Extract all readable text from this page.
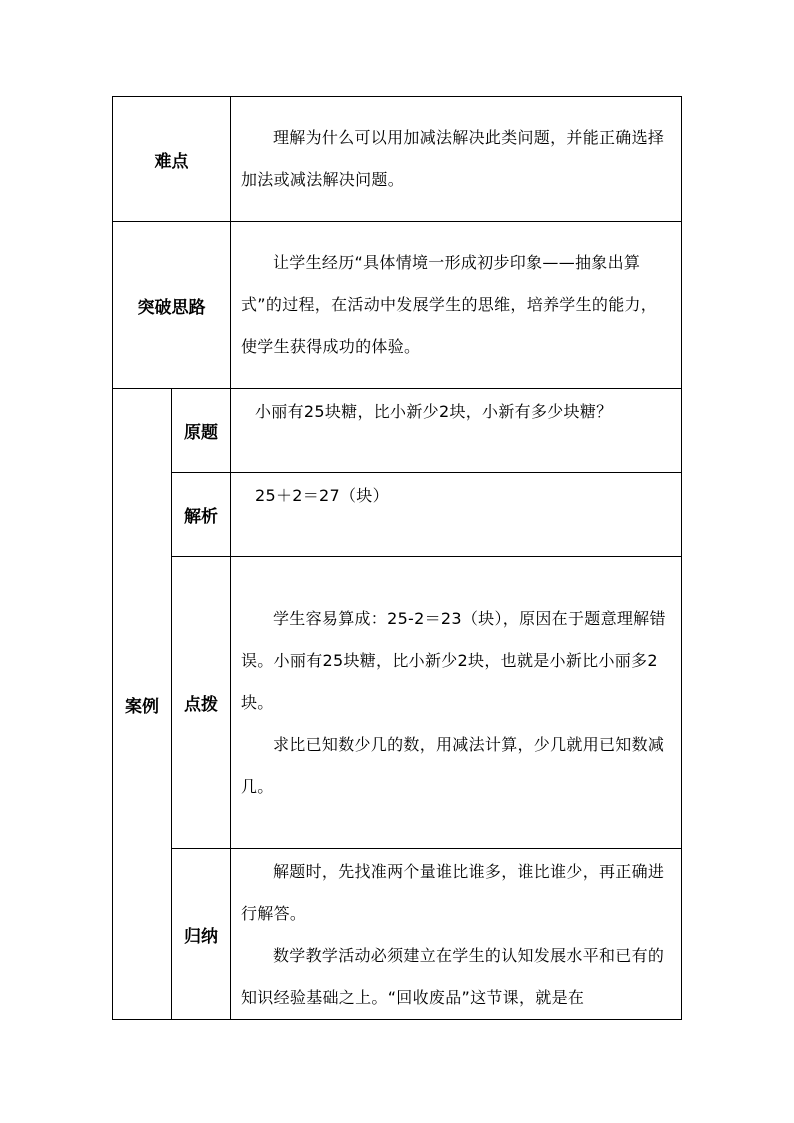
难点		理解为什么可以用加减法解决此类问题，并能正确选择加法或减法解决问题。

突破思路		让学生经历“具体情境一形成初步印象——抽象出算式”的过程，在活动中发展学生的思维，培养学生的能力，使学生获得成功的体验。

案例	原题	小丽有25块糖，比小新少2块，小新有多少块糖？

	解析	25＋2＝27（块）

	点拨	学生容易算成：25-2＝23（块），原因在于题意理解错误。小丽有25块糖，比小新少2块，也就是小新比小丽多2块。

求比已知数少几的数，用减法计算，少几就用已知数减几。

	归纳	解题时，先找准两个量谁比谁多，谁比谁少，再正确进行解答。

数学教学活动必须建立在学生的认知发展水平和已有的知识经验基础之上。“回收废品”这节课，就是在
